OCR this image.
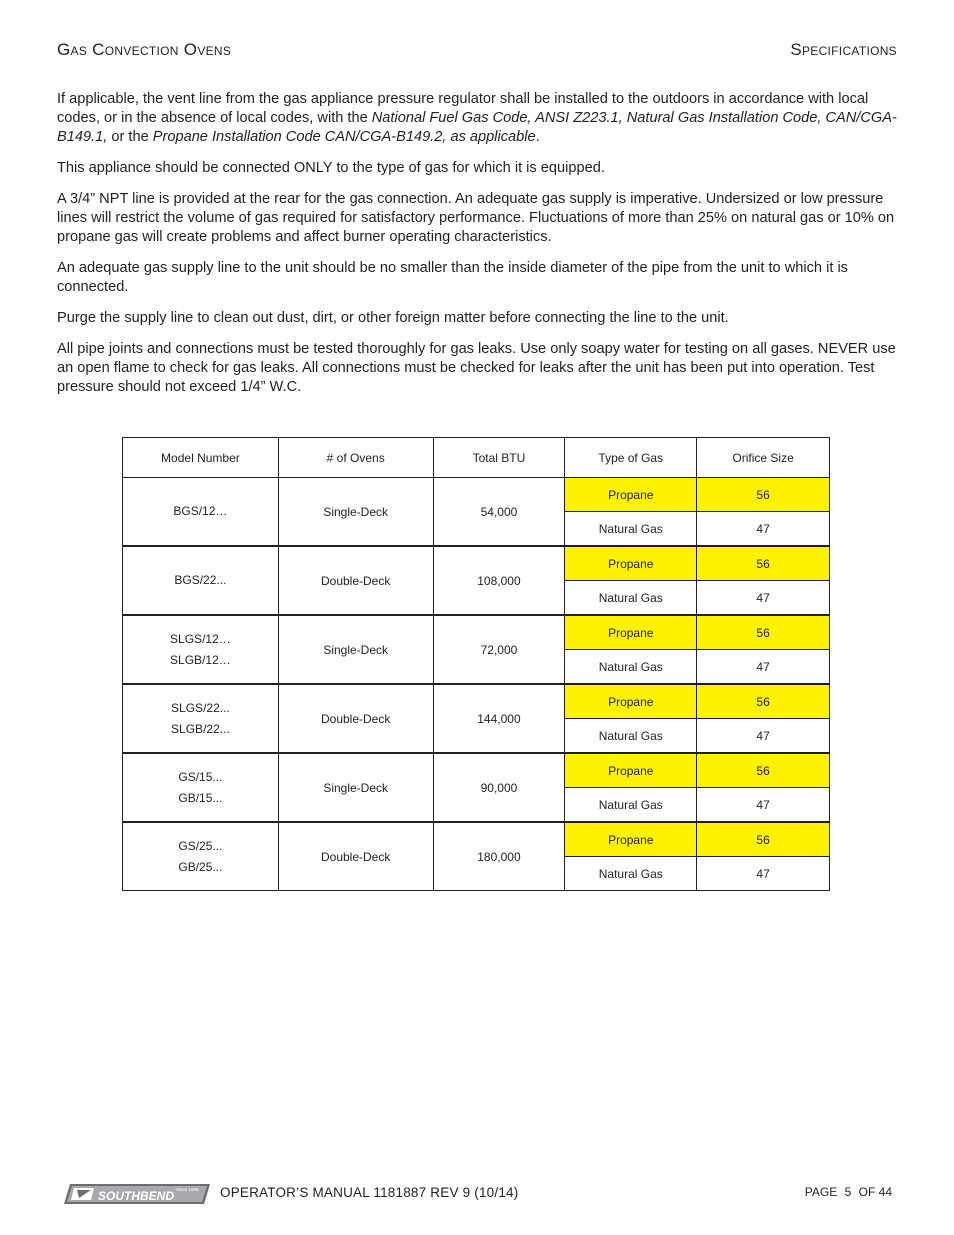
Gas Convection Ovens	Specifications

If applicable, the vent line from the gas appliance pressure regulator shall be installed to the outdoors in accordance with local codes, or in the absence of local codes, with the National Fuel Gas Code, ANSI Z223.1, Natural Gas Installation Code, CAN/CGA-B149.1, or the Propane Installation Code CAN/CGA-B149.2, as applicable.

This appliance should be connected ONLY to the type of gas for which it is equipped.

A 3/4” NPT line is provided at the rear for the gas connection. An adequate gas supply is imperative. Undersized or low pressure lines will restrict the volume of gas required for satisfactory performance. Fluctuations of more than 25% on natural gas or 10% on propane gas will create problems and affect burner operating characteristics.

An adequate gas supply line to the unit should be no smaller than the inside diameter of the pipe from the unit to which it is connected.

Purge the supply line to clean out dust, dirt, or other foreign matter before connecting the line to the unit.

All pipe joints and connections must be tested thoroughly for gas leaks. Use only soapy water for testing on all gases. NEVER use an open flame to check for gas leaks. All connections must be checked for leaks after the unit has been put into operation. Test pressure should not exceed 1/4” W.C.

Model Number	# of Ovens	Total BTU	Type of Gas	Orifice Size

BGS/12…	Single-Deck	54,000	Propane	56
			Natural Gas	47

BGS/22...	Double-Deck	108,000	Propane	56
			Natural Gas	47

SLGS/12…
SLGB/12…	Single-Deck	72,000	Propane	56
			Natural Gas	47

SLGS/22...
SLGB/22...	Double-Deck	144,000	Propane	56
			Natural Gas	47

GS/15...
GB/15...	Single-Deck	90,000	Propane	56
			Natural Gas	47

GS/25...
GB/25...	Double-Deck	180,000	Propane	56
			Natural Gas	47
SOUTHBEND Since 1898 OPERATOR’S MANUAL 1181887 REV 9 (10/14)	PAGE 5 OF 44
